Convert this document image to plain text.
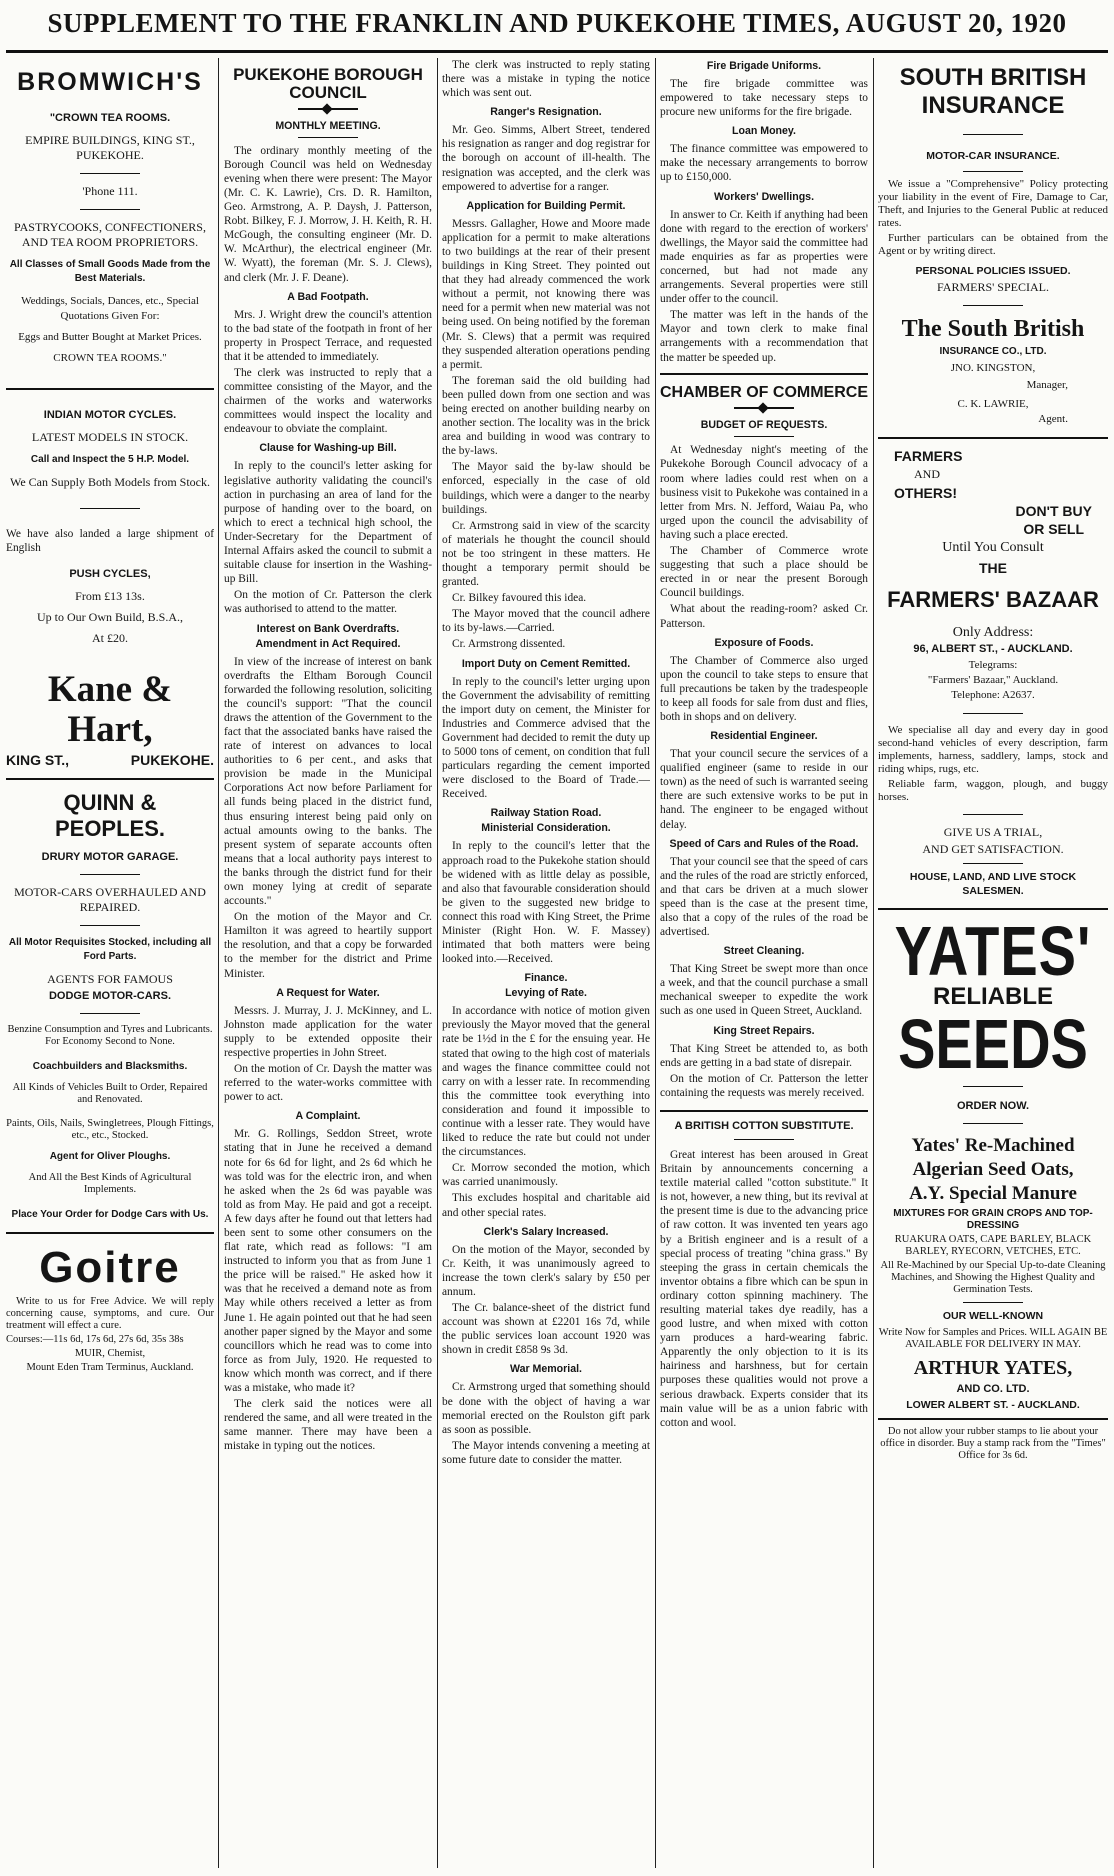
SUPPLEMENT TO THE FRANKLIN AND PUKEKOHE TIMES, AUGUST 20, 1920
BROMWICH'S
"CROWN TEA ROOMS.
EMPIRE BUILDINGS, KING ST., PUKEKOHE.
'Phone 111.
PASTRYCOOKS, CONFECTIONERS, AND TEA ROOM PROPRIETORS.
All Classes of Small Goods Made from the Best Materials.
Weddings, Socials, Dances, etc., Special Quotations Given For:
Eggs and Butter Bought at Market Prices.
CROWN TEA ROOMS."
INDIAN MOTOR CYCLES.
LATEST MODELS IN STOCK.
Call and Inspect the 5 H.P. Model.
We Can Supply Both Models from Stock.

We have also landed a large shipment of English

PUSH CYCLES,
From £13 13s.
Up to Our Own Build, B.S.A.,
At £20.
Kane & Hart,
KING ST.,	PUKEKOHE.
QUINN & PEOPLES.
DRURY MOTOR GARAGE.
MOTOR-CARS OVERHAULED AND REPAIRED.
All Motor Requisites Stocked, including all Ford Parts.
AGENTS FOR FAMOUS
DODGE MOTOR-CARS.
Benzine Consumption and Tyres and Lubricants. For Economy Second to None.
Coachbuilders and Blacksmiths.
All Kinds of Vehicles Built to Order, Repaired and Renovated.
Paints, Oils, Nails, Swingletrees, Plough Fittings, etc., etc., Stocked.
Agent for Oliver Ploughs.
And All the Best Kinds of Agricultural Implements.
Place Your Order for Dodge Cars with Us.
Goitre

Write to us for Free Advice. We will reply concerning cause, symptoms, and cure. Our treatment will effect a cure.

Courses:—11s 6d, 17s 6d, 27s 6d, 35s 38s

MUIR, Chemist,

Mount Eden Tram Terminus, Auckland.

PUKEKOHE BOROUGH COUNCIL
MONTHLY MEETING.

The ordinary monthly meeting of the Borough Council was held on Wednesday evening when there were present: The Mayor (Mr. C. K. Lawrie), Crs. D. R. Hamilton, Geo. Armstrong, A. P. Daysh, J. Patterson, Robt. Bilkey, F. J. Morrow, J. H. Keith, R. H. McGough, the consulting engineer (Mr. D. W. McArthur), the electrical engineer (Mr. W. Wyatt), the foreman (Mr. S. J. Clews), and clerk (Mr. J. F. Deane).

A Bad Footpath.

Mrs. J. Wright drew the council's attention to the bad state of the footpath in front of her property in Prospect Terrace, and requested that it be attended to immediately.

The clerk was instructed to reply that a committee consisting of the Mayor, and the chairmen of the works and waterworks committees would inspect the locality and endeavour to obviate the complaint.

Clause for Washing-up Bill.

In reply to the council's letter asking for legislative authority validating the council's action in purchasing an area of land for the purpose of handing over to the board, on which to erect a technical high school, the Under-Secretary for the Department of Internal Affairs asked the council to submit a suitable clause for insertion in the Washing-up Bill.

On the motion of Cr. Patterson the clerk was authorised to attend to the matter.

Interest on Bank Overdrafts.
Amendment in Act Required.

In view of the increase of interest on bank overdrafts the Eltham Borough Council forwarded the following resolution, soliciting the council's support: "That the council draws the attention of the Government to the fact that the associated banks have raised the rate of interest on advances to local authorities to 6 per cent., and asks that provision be made in the Municipal Corporations Act now before Parliament for all funds being placed in the district fund, thus ensuring interest being paid only on actual amounts owing to the banks. The present system of separate accounts often means that a local authority pays interest to the banks through the district fund for their own money lying at credit of separate accounts."

On the motion of the Mayor and Cr. Hamilton it was agreed to heartily support the resolution, and that a copy be forwarded to the member for the district and Prime Minister.

A Request for Water.

Messrs. J. Murray, J. J. McKinney, and L. Johnston made application for the water supply to be extended opposite their respective properties in John Street.

On the motion of Cr. Daysh the matter was referred to the water-works committee with power to act.

A Complaint.

Mr. G. Rollings, Seddon Street, wrote stating that in June he received a demand note for 6s 6d for light, and 2s 6d which he was told was for the electric iron, and when he asked when the 2s 6d was payable was told as from May. He paid and got a receipt. A few days after he found out that letters had been sent to some other consumers on the flat rate, which read as follows: "I am instructed to inform you that as from June 1 the price will be raised." He asked how it was that he received a demand note as from May while others received a letter as from June 1. He again pointed out that he had seen another paper signed by the Mayor and some councillors which he read was to come into force as from July, 1920. He requested to know which month was correct, and if there was a mistake, who made it?

The clerk said the notices were all rendered the same, and all were treated in the same manner. There may have been a mistake in typing out the notices.

The clerk was instructed to reply stating there was a mistake in typing the notice which was sent out.

Ranger's Resignation.

Mr. Geo. Simms, Albert Street, tendered his resignation as ranger and dog registrar for the borough on account of ill-health. The resignation was accepted, and the clerk was empowered to advertise for a ranger.

Application for Building Permit.

Messrs. Gallagher, Howe and Moore made application for a permit to make alterations to two buildings at the rear of their present buildings in King Street. They pointed out that they had already commenced the work without a permit, not knowing there was need for a permit when new material was not being used. On being notified by the foreman (Mr. S. Clews) that a permit was required they suspended alteration operations pending a permit.

The foreman said the old building had been pulled down from one section and was being erected on another building nearby on another section. The locality was in the brick area and building in wood was contrary to the by-laws.

The Mayor said the by-law should be enforced, especially in the case of old buildings, which were a danger to the nearby buildings.

Cr. Armstrong said in view of the scarcity of materials he thought the council should not be too stringent in these matters. He thought a temporary permit should be granted.

Cr. Bilkey favoured this idea.

The Mayor moved that the council adhere to its by-laws.—Carried.

Cr. Armstrong dissented.

Import Duty on Cement Remitted.

In reply to the council's letter urging upon the Government the advisability of remitting the import duty on cement, the Minister for Industries and Commerce advised that the Government had decided to remit the duty up to 5000 tons of cement, on condition that full particulars regarding the cement imported were disclosed to the Board of Trade.—Received.

Railway Station Road.
Ministerial Consideration.

In reply to the council's letter that the approach road to the Pukekohe station should be widened with as little delay as possible, and also that favourable consideration should be given to the suggested new bridge to connect this road with King Street, the Prime Minister (Right Hon. W. F. Massey) intimated that both matters were being looked into.—Received.

Finance.
Levying of Rate.

In accordance with notice of motion given previously the Mayor moved that the general rate be 1½d in the £ for the ensuing year. He stated that owing to the high cost of materials and wages the finance committee could not carry on with a lesser rate. In recommending this the committee took everything into consideration and found it impossible to continue with a lesser rate. They would have liked to reduce the rate but could not under the circumstances.

Cr. Morrow seconded the motion, which was carried unanimously.

This excludes hospital and charitable aid and other special rates.

Clerk's Salary Increased.

On the motion of the Mayor, seconded by Cr. Keith, it was unanimously agreed to increase the town clerk's salary by £50 per annum.

The Cr. balance-sheet of the district fund account was shown at £2201 16s 7d, while the public services loan account 1920 was shown in credit £858 9s 3d.

War Memorial.

Cr. Armstrong urged that something should be done with the object of having a war memorial erected on the Roulston gift park as soon as possible.

The Mayor intends convening a meeting at some future date to consider the matter.

Fire Brigade Uniforms.

The fire brigade committee was empowered to take necessary steps to procure new uniforms for the fire brigade.

Loan Money.

The finance committee was empowered to make the necessary arrangements to borrow up to £150,000.

Workers' Dwellings.

In answer to Cr. Keith if anything had been done with regard to the erection of workers' dwellings, the Mayor said the committee had made enquiries as far as properties were concerned, but had not made any arrangements. Several properties were still under offer to the council.

The matter was left in the hands of the Mayor and town clerk to make final arrangements with a recommendation that the matter be speeded up.

CHAMBER OF COMMERCE
BUDGET OF REQUESTS.

At Wednesday night's meeting of the Pukekohe Borough Council advocacy of a room where ladies could rest when on a business visit to Pukekohe was contained in a letter from Mrs. N. Jefford, Waiau Pa, who urged upon the council the advisability of having such a place erected.

The Chamber of Commerce wrote suggesting that such a place should be erected in or near the present Borough Council buildings.

What about the reading-room? asked Cr. Patterson.

Exposure of Foods.

The Chamber of Commerce also urged upon the council to take steps to ensure that full precautions be taken by the tradespeople to keep all foods for sale from dust and flies, both in shops and on delivery.

Residential Engineer.

That your council secure the services of a qualified engineer (same to reside in our town) as the need of such is warranted seeing there are such extensive works to be put in hand. The engineer to be engaged without delay.

Speed of Cars and Rules of the Road.

That your council see that the speed of cars and the rules of the road are strictly enforced, and that cars be driven at a much slower speed than is the case at the present time, also that a copy of the rules of the road be advertised.

Street Cleaning.

That King Street be swept more than once a week, and that the council purchase a small mechanical sweeper to expedite the work such as one used in Queen Street, Auckland.

King Street Repairs.

That King Street be attended to, as both ends are getting in a bad state of disrepair.

On the motion of Cr. Patterson the letter containing the requests was merely received.

A BRITISH COTTON SUBSTITUTE.

Great interest has been aroused in Great Britain by announcements concerning a textile material called "cotton substitute." It is not, however, a new thing, but its revival at the present time is due to the advancing price of raw cotton. It was invented ten years ago by a British engineer and is a result of a special process of treating "china grass." By steeping the grass in certain chemicals the inventor obtains a fibre which can be spun in ordinary cotton spinning machinery. The resulting material takes dye readily, has a good lustre, and when mixed with cotton yarn produces a hard-wearing fabric. Apparently the only objection to it is its hairiness and harshness, but for certain purposes these qualities would not prove a serious drawback. Experts consider that its main value will be as a union fabric with cotton and wool.

SOUTH BRITISH INSURANCE
MOTOR-CAR INSURANCE.

We issue a "Comprehensive" Policy protecting your liability in the event of Fire, Damage to Car, Theft, and Injuries to the General Public at reduced rates.

Further particulars can be obtained from the Agent or by writing direct.

PERSONAL POLICIES ISSUED.
FARMERS' SPECIAL.
The South British
INSURANCE CO., LTD.
JNO. KINGSTON,
Manager,
C. K. LAWRIE,
Agent.
FARMERS
AND
OTHERS!
DON'T BUY
OR SELL
Until You Consult
THE
FARMERS' BAZAAR
Only Address:
96, ALBERT ST., - AUCKLAND.
Telegrams:
"Farmers' Bazaar," Auckland.
Telephone: A2637.

We specialise all day and every day in good second-hand vehicles of every description, farm implements, harness, saddlery, lamps, stock and riding whips, rugs, etc.

Reliable farm, waggon, plough, and buggy horses.

GIVE US A TRIAL,
AND GET SATISFACTION.
HOUSE, LAND, AND LIVE STOCK SALESMEN.
YATES'
RELIABLE
SEEDS
ORDER NOW.
Yates' Re-Machined
Algerian Seed Oats,
A.Y. Special Manure
MIXTURES FOR GRAIN CROPS AND TOP-DRESSING
RUAKURA OATS, CAPE BARLEY, BLACK BARLEY, RYECORN, VETCHES, ETC.
All Re-Machined by our Special Up-to-date Cleaning Machines, and Showing the Highest Quality and Germination Tests.
OUR WELL-KNOWN
Write Now for Samples and Prices. WILL AGAIN BE AVAILABLE FOR DELIVERY IN MAY.
ARTHUR YATES,
AND CO. LTD.
LOWER ALBERT ST. - AUCKLAND.
Do not allow your rubber stamps to lie about your office in disorder. Buy a stamp rack from the "Times" Office for 3s 6d.
